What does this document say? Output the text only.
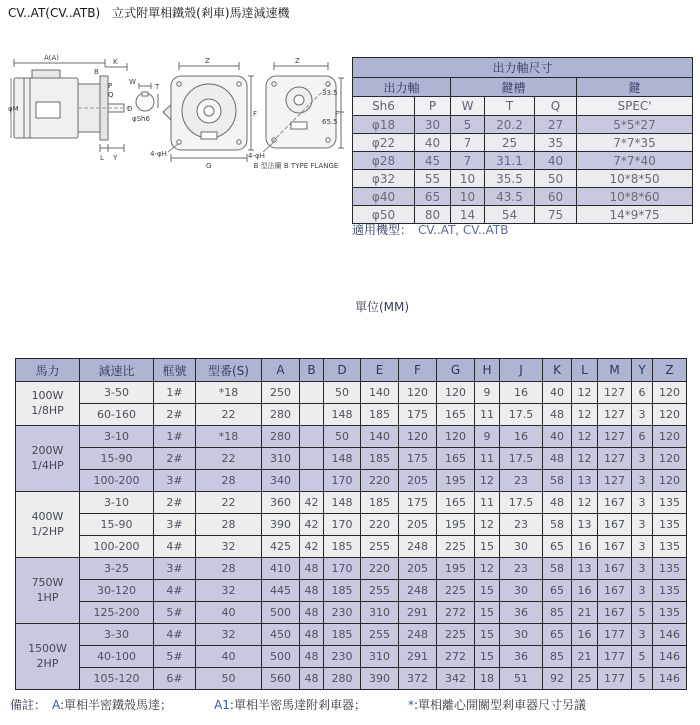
CV..AT(CV..ATB)　立式附單相鐵殼(剎車)馬達減速機
A(A)
B
K
P
Q
φM
L Y
D
W
T
φSh6
Z
F
G
4-φH
Z
33.5
65.5
F
4-φH
B 型法蘭 B TYPE FLANGE
出力軸尺寸					
出力軸		鍵槽			鍵
Sh6	P	W	T	Q	SPEC'
φ18	30	5	20.2	27	5*5*27
φ22	40	7	25	35	7*7*35
φ28	45	7	31.1	40	7*7*40
φ32	55	10	35.5	50	10*8*50
φ40	65	10	43.5	60	10*8*60
φ50	80	14	54	75	14*9*75
適用機型： CV..AT, CV..ATB
單位(MM)
馬力	減速比	框號	型番(S)	A	B	D	E	F	G	H	J	K	L	M	Y	Z

100W
1/8HP	3-50	1#	*18	250		50	140	120	120	9	16	40	12	127	6	120
	60-160	2#	22	280		148	185	175	165	11	17.5	48	12	127	3	120

200W
1/4HP	3-10	1#	*18	280		50	140	120	120	9	16	40	12	127	6	120
	15-90	2#	22	310		148	185	175	165	11	17.5	48	12	127	3	120
	100-200	3#	28	340		170	220	205	195	12	23	58	13	127	3	120

400W
1/2HP	3-10	2#	22	360	42	148	185	175	165	11	17.5	48	12	167	3	135
	15-90	3#	28	390	42	170	220	205	195	12	23	58	13	167	3	135
	100-200	4#	32	425	42	185	255	248	225	15	30	65	16	167	3	135

750W
1HP	3-25	3#	28	410	48	170	220	205	195	12	23	58	13	167	3	135
	30-120	4#	32	445	48	185	255	248	225	15	30	65	16	167	3	135
	125-200	5#	40	500	48	230	310	291	272	15	36	85	21	167	5	135

1500W
2HP	3-30	4#	32	450	48	185	255	248	225	15	30	65	16	177	3	146
	40-100	5#	40	500	48	230	310	291	272	15	36	85	21	177	5	146
	105-120	6#	50	560	48	280	390	372	342	18	51	92	25	177	5	146
備註： A:單相半密鐵殼馬達；	A1:單相半密馬達附剎車器；	*:單相離心開關型剎車器尺寸另議
